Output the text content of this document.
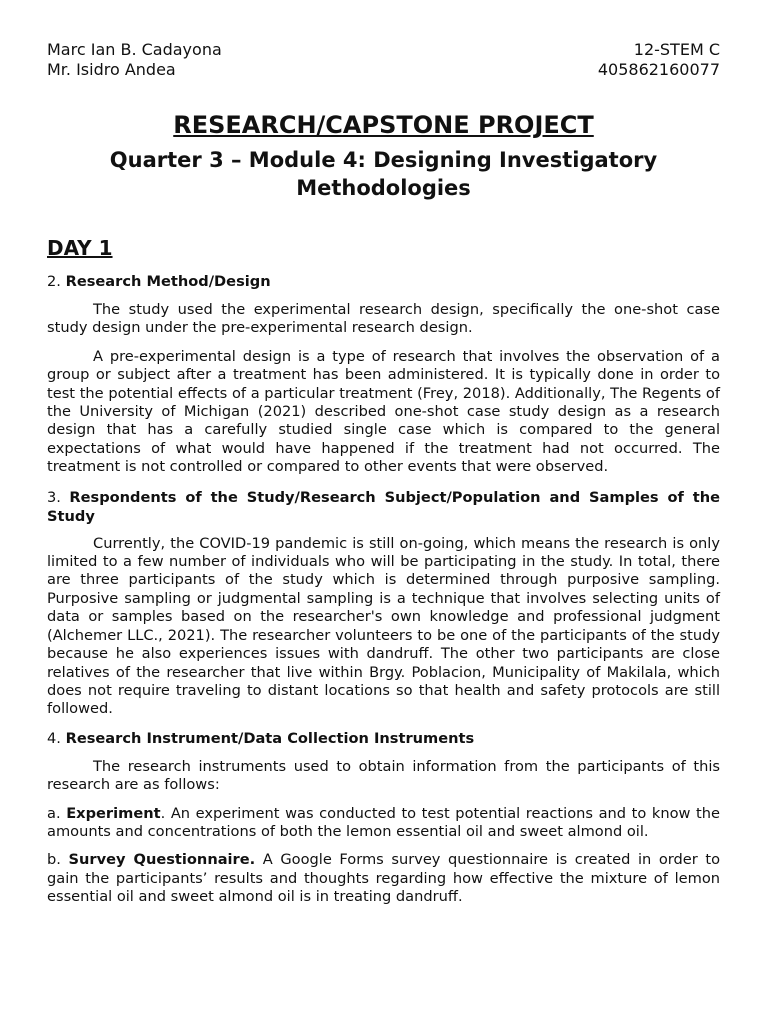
Marc Ian B. Cadayona	12-STEM C
Mr. Isidro Andea	405862160077
RESEARCH/CAPSTONE PROJECT
Quarter 3 – Module 4: Designing Investigatory Methodologies
DAY 1
2. Research Method/Design

The study used the experimental research design, specifically the one-shot case study design under the pre-experimental research design.

A pre-experimental design is a type of research that involves the observation of a group or subject after a treatment has been administered. It is typically done in order to test the potential effects of a particular treatment (Frey, 2018). Additionally, The Regents of the University of Michigan (2021) described one-shot case study design as a research design that has a carefully studied single case which is compared to the general expectations of what would have happened if the treatment had not occurred. The treatment is not controlled or compared to other events that were observed.

3. Respondents of the Study/Research Subject/Population and Samples of the Study

Currently, the COVID-19 pandemic is still on-going, which means the research is only limited to a few number of individuals who will be participating in the study. In total, there are three participants of the study which is determined through purposive sampling. Purposive sampling or judgmental sampling is a technique that involves selecting units of data or samples based on the researcher's own knowledge and professional judgment (Alchemer LLC., 2021). The researcher volunteers to be one of the participants of the study because he also experiences issues with dandruff. The other two participants are close relatives of the researcher that live within Brgy. Poblacion, Municipality of Makilala, which does not require traveling to distant locations so that health and safety protocols are still followed.

4. Research Instrument/Data Collection Instruments

The research instruments used to obtain information from the participants of this research are as follows:

a. Experiment. An experiment was conducted to test potential reactions and to know the amounts and concentrations of both the lemon essential oil and sweet almond oil.

b. Survey Questionnaire. A Google Forms survey questionnaire is created in order to gain the participants’ results and thoughts regarding how effective the mixture of lemon essential oil and sweet almond oil is in treating dandruff.
